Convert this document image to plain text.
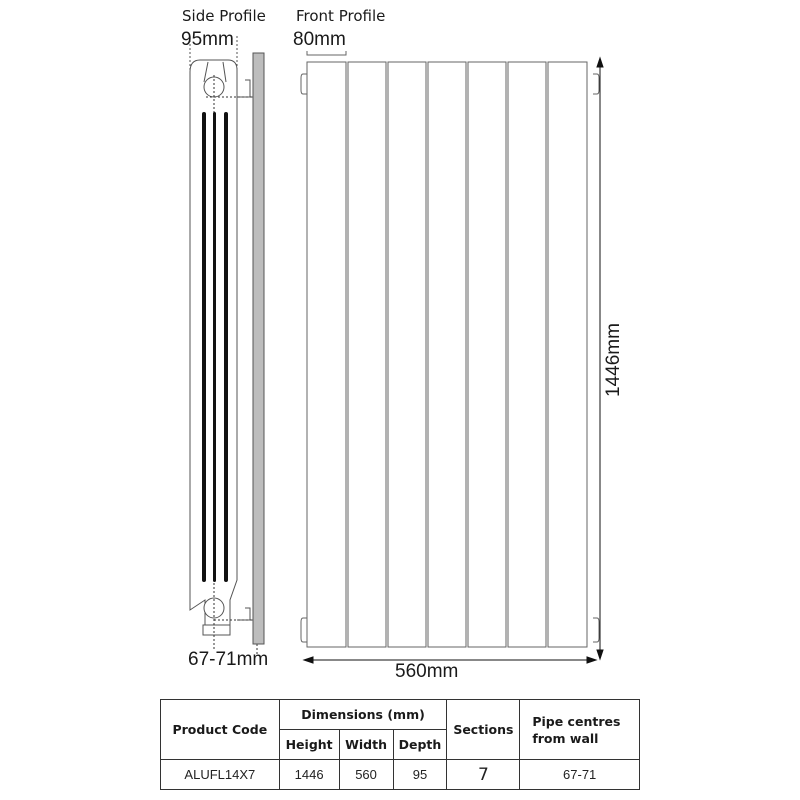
Side Profile Front Profile
95mm	80mm
67-71mm
560mm
1446mm
Product Code	Dimensions (mm)			Sections	Pipe centres from wall
	Height	Width	Depth		
ALUFL14X7	1446	560	95	7	67-71
